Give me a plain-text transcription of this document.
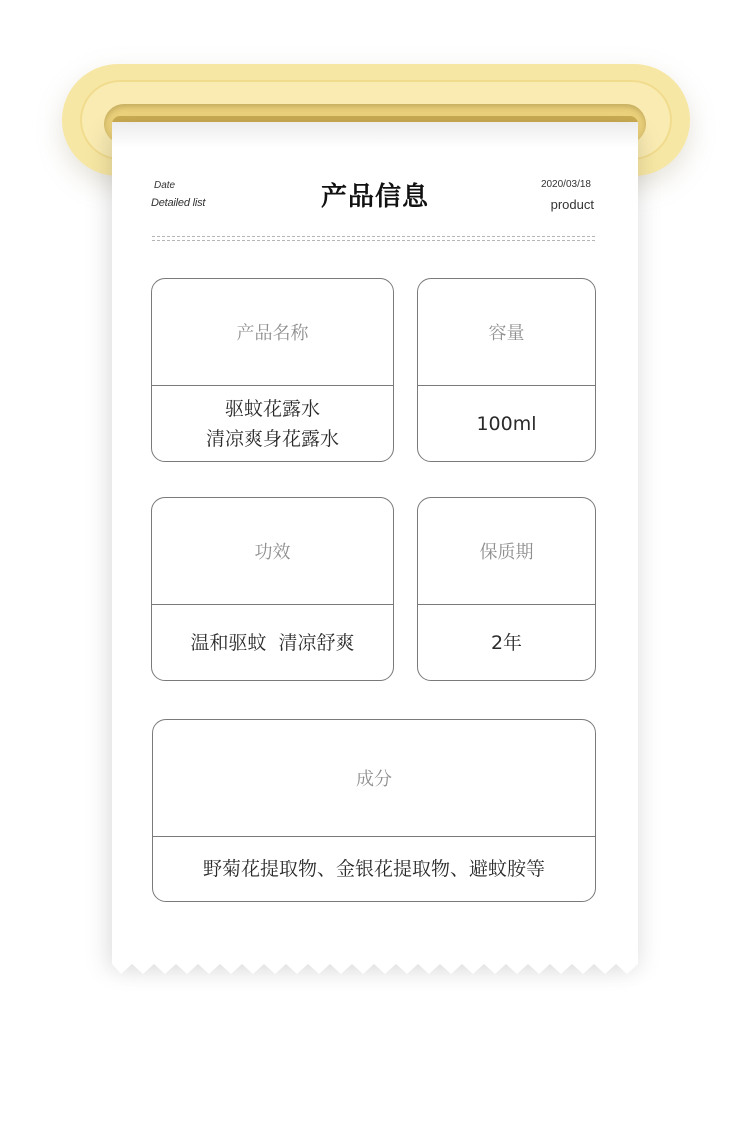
Date
Detailed list	产品信息	2020/03/18
product
产品名称
驱蚊花露水
清凉爽身花露水
容量
100ml
功效
温和驱蚊  清凉舒爽
保质期
2年
成分
野菊花提取物、金银花提取物、避蚊胺等
